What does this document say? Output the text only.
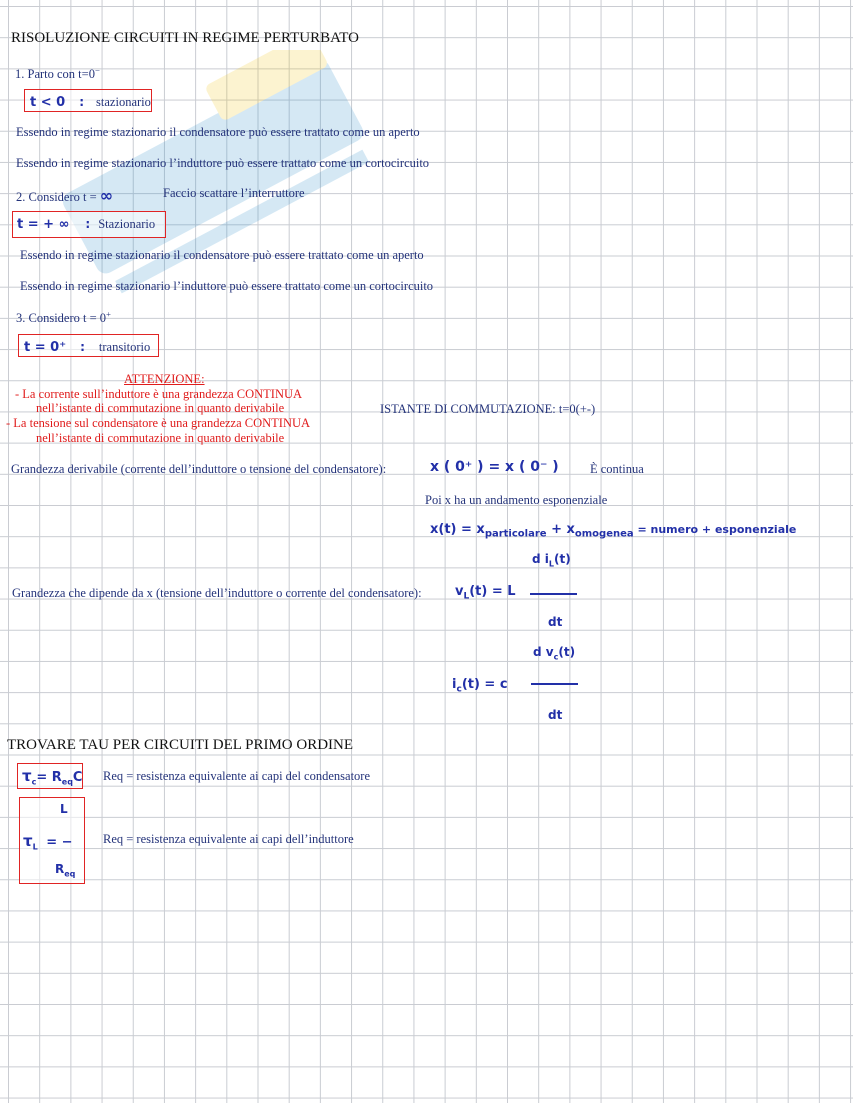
RISOLUZIONE CIRCUITI IN REGIME PERTURBATO
1. Parto con t=0−
t < 0 : stazionario
Essendo in regime stazionario il condensatore può essere trattato come un aperto
Essendo in regime stazionario l’induttore può essere trattato come un cortocircuito
2. Considero t = ∞	Faccio scattare l’interruttore
t = + ∞ : Stazionario
Essendo in regime stazionario il condensatore può essere trattato come un aperto
Essendo in regime stazionario l’induttore può essere trattato come un cortocircuito
3. Considero t = 0+
t = 0⁺ : transitorio
ATTENZIONE:
- La corrente sull’induttore è una grandezza CONTINUA
nell’istante di commutazione in quanto derivabile
- La tensione sul condensatore è una grandezza CONTINUA
nell’istante di commutazione in quanto derivabile
ISTANTE DI COMMUTAZIONE: t=0(+-)
Grandezza derivabile (corrente dell’induttore o tensione del condensatore):	x ( 0⁺ ) = x ( 0⁻ )	È continua
Poi x ha un andamento esponenziale
$x(t) = x_{particolare} + x_{omogenea}$ = numero + esponenziale
Grandezza che dipende da x (tensione dell’induttore o corrente del condensatore):
d $i_L(t)$
$v_L(t) = L$
dt
d $v_c(t)$
$i_c(t) = c$
dt
TROVARE TAU PER CIRCUITI DEL PRIMO ORDINE
$\tau_c= R_{eq}C$ Req = resistenza equivalente ai capi del condensatore
L
$\tau_L$ = −
$R_{eq}$
Req = resistenza equivalente ai capi dell’induttore
